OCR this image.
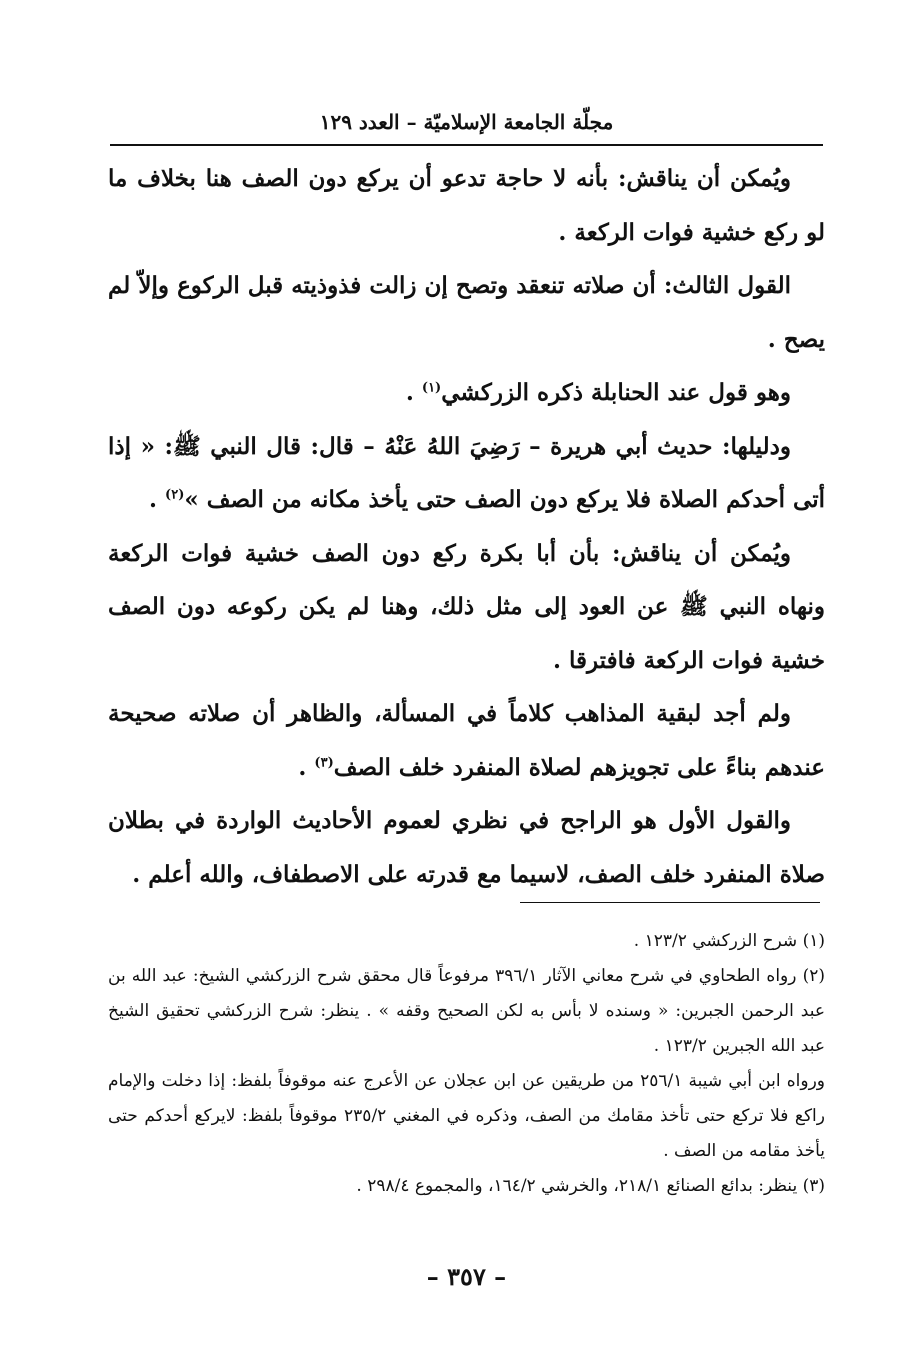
مجلّة الجامعة الإسلاميّة – العدد ١٢٩

ويُمكن أن يناقش: بأنه لا حاجة تدعو أن يركع دون الصف هنا بخلاف ما لو ركع خشية فوات الركعة .

القول الثالث: أن صلاته تنعقد وتصح إن زالت فذوذيته قبل الركوع وإلاّ لم يصح .

وهو قول عند الحنابلة ذكره الزركشي$^{(١)}$ .

ودليلها: حديث أبي هريرة – رَضِيَ اللهُ عَنْهُ – قال: قال النبي ﷺ: « إذا أتى أحدكم الصلاة فلا يركع دون الصف حتى يأخذ مكانه من الصف »$^{(٢)}$ .

ويُمكن أن يناقش: بأن أبا بكرة ركع دون الصف خشية فوات الركعة ونهاه النبي ﷺ عن العود إلى مثل ذلك، وهنا لم يكن ركوعه دون الصف خشية فوات الركعة فافترقا .

ولم أجد لبقية المذاهب كلاماً في المسألة، والظاهر أن صلاته صحيحة عندهم بناءً على تجويزهم لصلاة المنفرد خلف الصف$^{(٣)}$ .

والقول الأول هو الراجح في نظري لعموم الأحاديث الواردة في بطلان صلاة المنفرد خلف الصف، لاسيما مع قدرته على الاصطفاف، والله أعلم .

(١) شرح الزركشي ١٢٣/٢ .

(٢) رواه الطحاوي في شرح معاني الآثار ٣٩٦/١ مرفوعاً قال محقق شرح الزركشي الشيخ: عبد الله بن عبد الرحمن الجبرين: « وسنده لا بأس به لكن الصحيح وقفه » . ينظر: شرح الزركشي تحقيق الشيخ عبد الله الجبرين ١٢٣/٢ .

ورواه ابن أبي شيبة ٢٥٦/١ من طريقين عن ابن عجلان عن الأعرج عنه موقوفاً بلفظ: إذا دخلت والإمام راكع فلا تركع حتى تأخذ مقامك من الصف، وذكره في المغني ٢٣٥/٢ موقوفاً بلفظ: لايركع أحدكم حتى يأخذ مقامه من الصف .

(٣) ينظر: بدائع الصنائع ٢١٨/١، والخرشي ١٦٤/٢، والمجموع ٢٩٨/٤ .

– ٣٥٧ –
